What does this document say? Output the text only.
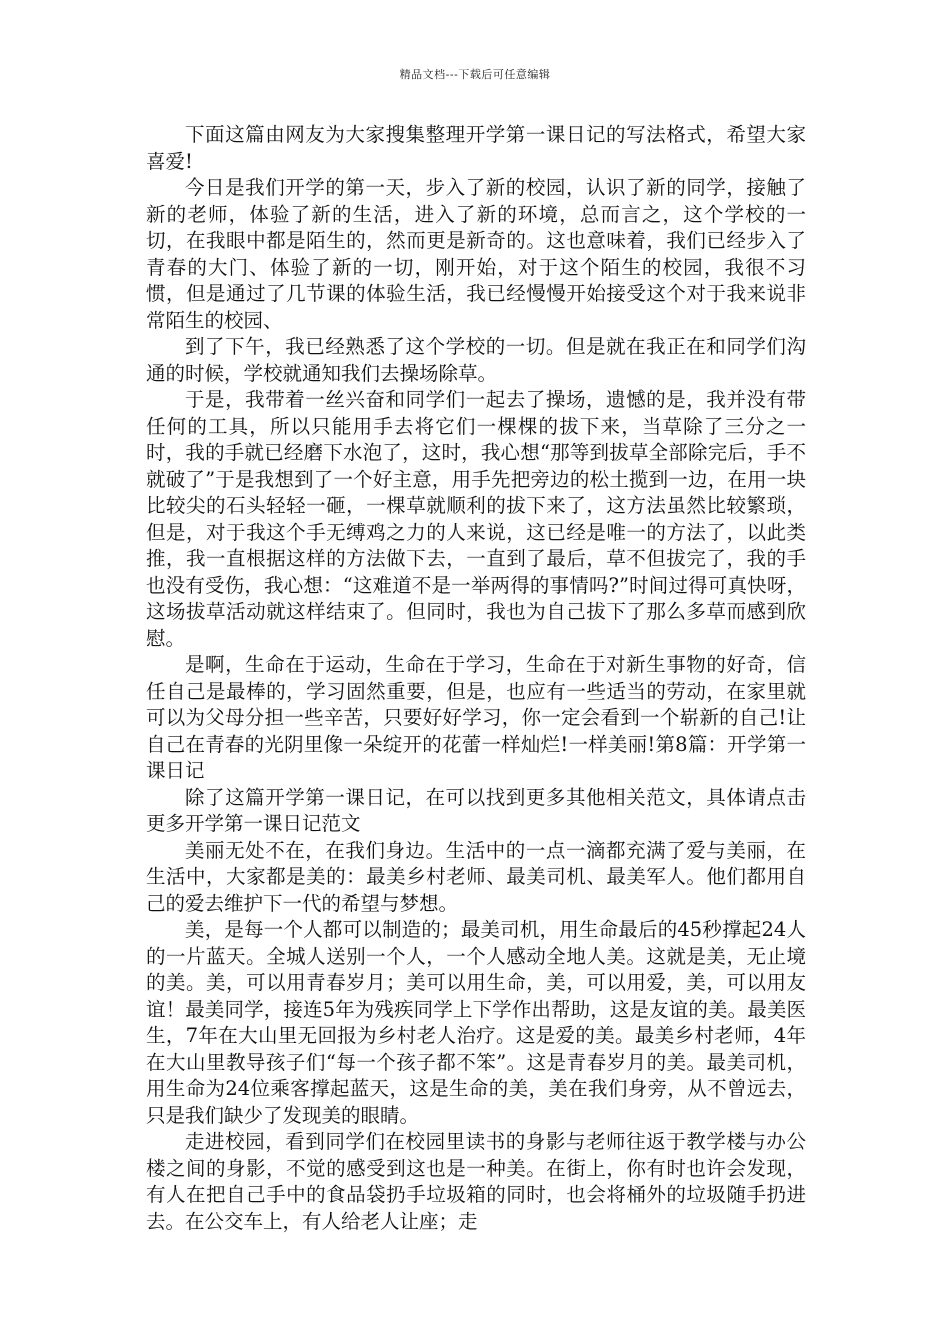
精品文档---下载后可任意编辑

下面这篇由网友为大家搜集整理开学第一课日记的写法格式，希望大家喜爱!

今日是我们开学的第一天，步入了新的校园，认识了新的同学，接触了新的老师，体验了新的生活，进入了新的环境，总而言之，这个学校的一切，在我眼中都是陌生的，然而更是新奇的。这也意味着，我们已经步入了青春的大门、体验了新的一切，刚开始，对于这个陌生的校园，我很不习惯，但是通过了几节课的体验生活，我已经慢慢开始接受这个对于我来说非常陌生的校园、

到了下午，我已经熟悉了这个学校的一切。但是就在我正在和同学们沟通的时候，学校就通知我们去操场除草。

于是，我带着一丝兴奋和同学们一起去了操场，遗憾的是，我并没有带任何的工具，所以只能用手去将它们一棵棵的拔下来，当草除了三分之一时，我的手就已经磨下水泡了，这时，我心想“那等到拔草全部除完后，手不就破了”于是我想到了一个好主意，用手先把旁边的松土揽到一边，在用一块比较尖的石头轻轻一砸，一棵草就顺利的拔下来了，这方法虽然比较繁琐，但是，对于我这个手无缚鸡之力的人来说，这已经是唯一的方法了，以此类推，我一直根据这样的方法做下去，一直到了最后，草不但拔完了，我的手也没有受伤，我心想：“这难道不是一举两得的事情吗?”时间过得可真快呀，这场拔草活动就这样结束了。但同时，我也为自己拔下了那么多草而感到欣慰。

是啊，生命在于运动，生命在于学习，生命在于对新生事物的好奇，信任自己是最棒的，学习固然重要，但是，也应有一些适当的劳动，在家里就可以为父母分担一些辛苦，只要好好学习，你一定会看到一个崭新的自己!让自己在青春的光阴里像一朵绽开的花蕾一样灿烂!一样美丽!第8篇：开学第一课日记

除了这篇开学第一课日记，在可以找到更多其他相关范文，具体请点击更多开学第一课日记范文

美丽无处不在，在我们身边。生活中的一点一滴都充满了爱与美丽，在生活中，大家都是美的：最美乡村老师、最美司机、最美军人。他们都用自己的爱去维护下一代的希望与梦想。

美，是每一个人都可以制造的；最美司机，用生命最后的45秒撑起24人的一片蓝天。全城人送别一个人，一个人感动全地人美。这就是美，无止境的美。美，可以用青春岁月；美可以用生命，美，可以用爱，美，可以用友谊！最美同学，接连5年为残疾同学上下学作出帮助，这是友谊的美。最美医生，7年在大山里无回报为乡村老人治疗。这是爱的美。最美乡村老师，4年在大山里教导孩子们“每一个孩子都不笨”。这是青春岁月的美。最美司机，用生命为24位乘客撑起蓝天，这是生命的美，美在我们身旁，从不曾远去，只是我们缺少了发现美的眼睛。

走进校园，看到同学们在校园里读书的身影与老师往返于教学楼与办公楼之间的身影，不觉的感受到这也是一种美。在街上，你有时也许会发现，有人在把自己手中的食品袋扔手垃圾箱的同时，也会将桶外的垃圾随手扔进去。在公交车上，有人给老人让座；走
